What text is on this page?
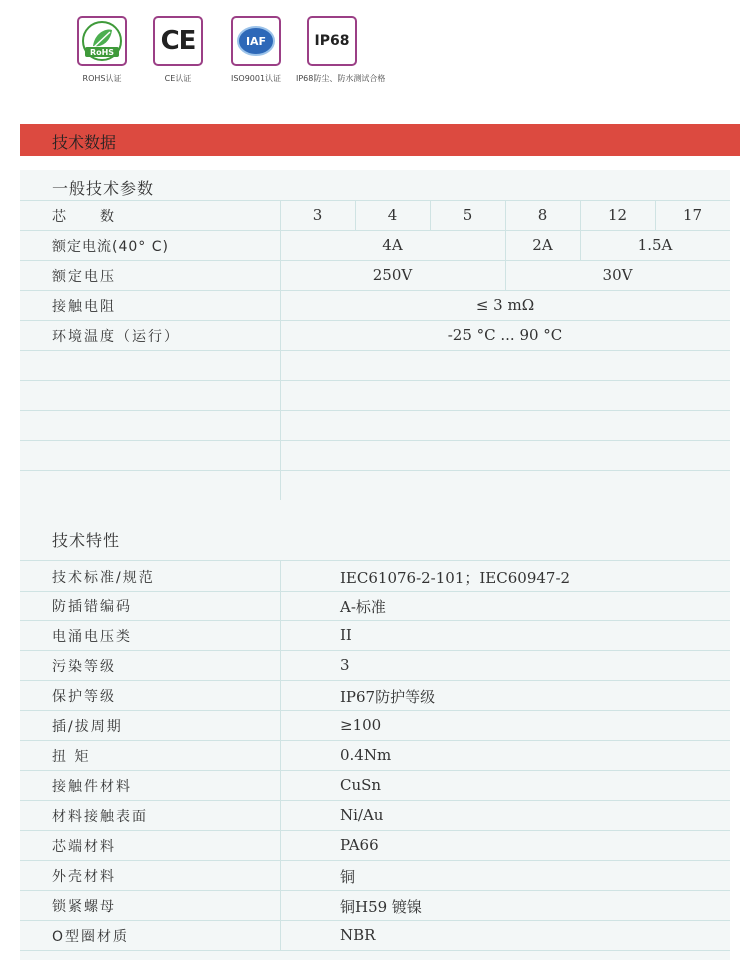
RoHS
ROHS认证
CE
CE认证
IAF
ISO9001认证
IP68
IP68防尘、防水测试合格
技术数据
一般技术参数
芯　　数	3	4	5	8	12	17
额定电流(40° C)	4A	2A	1.5A
额定电压	250V	30V
接触电阻	≤ 3 mΩ
环境温度（运行）	-25 °C ... 90 °C
技术特性
技术标准/规范	IEC61076-2-101；IEC60947-2
防插错编码	A-标准
电涌电压类	II
污染等级	3
保护等级	IP67防护等级
插/拔周期	≥100
扭 矩	0.4Nm
接触件材料	CuSn
材料接触表面	Ni/Au
芯端材料	PA66
外壳材料	铜
锁紧螺母	铜H59 镀镍
O型圈材质	NBR
